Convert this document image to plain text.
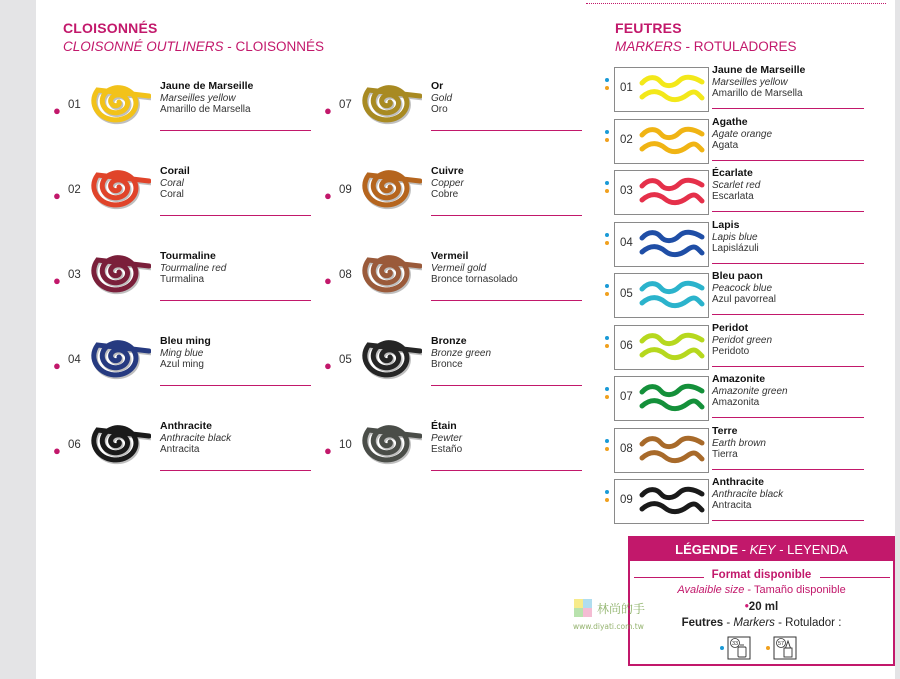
CLOISONNÉS
CLOISONNÉ OUTLINERS - CLOISONNÉS
FEUTRES
MARKERS - ROTULADORES
● 01
Jaune de Marseille
Marseilles yellow
Amarillo de Marsella
● 02
Corail
Coral
Coral
● 03
Tourmaline
Tourmaline red
Turmalina
● 04
Bleu ming
Ming blue
Azul ming
● 06
Anthracite
Anthracite black
Antracita
● 07
Or
Gold
Oro
● 09
Cuivre
Copper
Cobre
● 08
Vermeil
Vermeil gold
Bronce tornasolado
● 05
Bronze
Bronze green
Bronce
● 10
Étain
Pewter
Estaño
01
Jaune de Marseille
Marseilles yellow
Amarillo de Marsella
02
Agathe
Agate orange
Agata
03
Écarlate
Scarlet red
Escarlata
04
Lapis
Lapis blue
Lapislázuli
05
Bleu paon
Peacock blue
Azul pavorreal
06
Peridot
Peridot green
Peridoto
07
Amazonite
Amazonite green
Amazonita
08
Terre
Earth brown
Tierra
09
Anthracite
Anthracite black
Antracita
LÉGENDE - KEY - LEYENDA
Format disponible
Avalaible size - Tamaño disponible
•20 ml
Feutres - Markers - Rotulador :
33	57
林尚的手
www.diyati.com.tw
